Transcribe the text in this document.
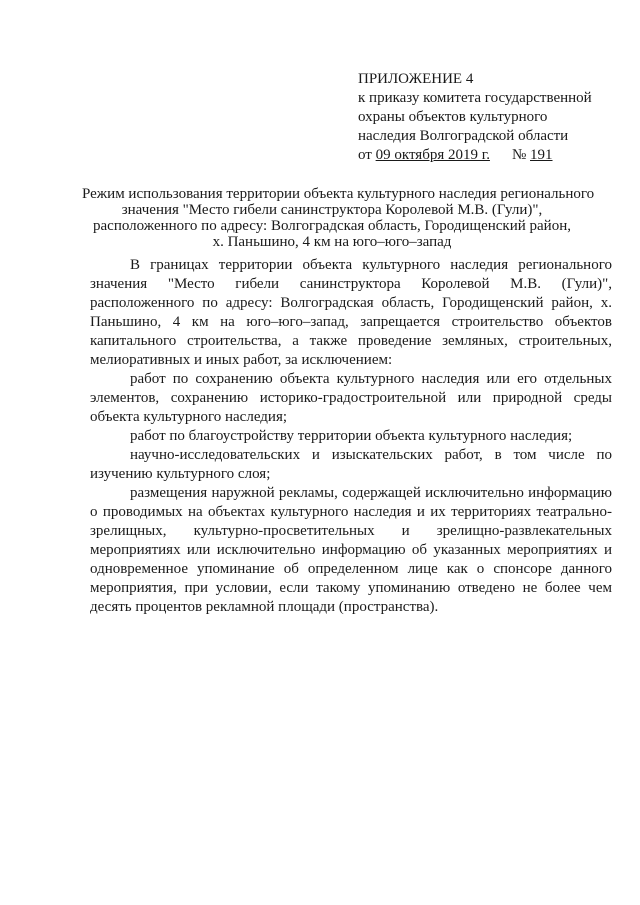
ПРИЛОЖЕНИЕ 4
к приказу комитета государственной
охраны объектов культурного
наследия Волгоградской области
от 09 октября 2019 г. № 191
Режим использования территории объекта культурного наследия регионального
значения "Место гибели санинструктора Королевой М.В. (Гули)",
расположенного по адресу: Волгоградская область, Городищенский район,
х. Паньшино, 4 км на юго–юго–запад

В границах территории объекта культурного наследия регионального значения "Место гибели санинструктора Королевой М.В. (Гули)", расположенного по адресу: Волгоградская область, Городищенский район, х. Паньшино, 4 км на юго–юго–запад, запрещается строительство объектов капитального строительства, а также проведение земляных, строительных, мелиоративных и иных работ, за исключением:

работ по сохранению объекта культурного наследия или его отдельных элементов, сохранению историко-градостроительной или природной среды объекта культурного наследия;

работ по благоустройству территории объекта культурного наследия;

научно-исследовательских и изыскательских работ, в том числе по изучению культурного слоя;

размещения наружной рекламы, содержащей исключительно информацию о проводимых на объектах культурного наследия и их территориях театрально-зрелищных, культурно-просветительных и зрелищно-развлекательных мероприятиях или исключительно информацию об указанных мероприятиях и одновременное упоминание об определенном лице как о спонсоре данного мероприятия, при условии, если такому упоминанию отведено не более чем десять процентов рекламной площади (пространства).
